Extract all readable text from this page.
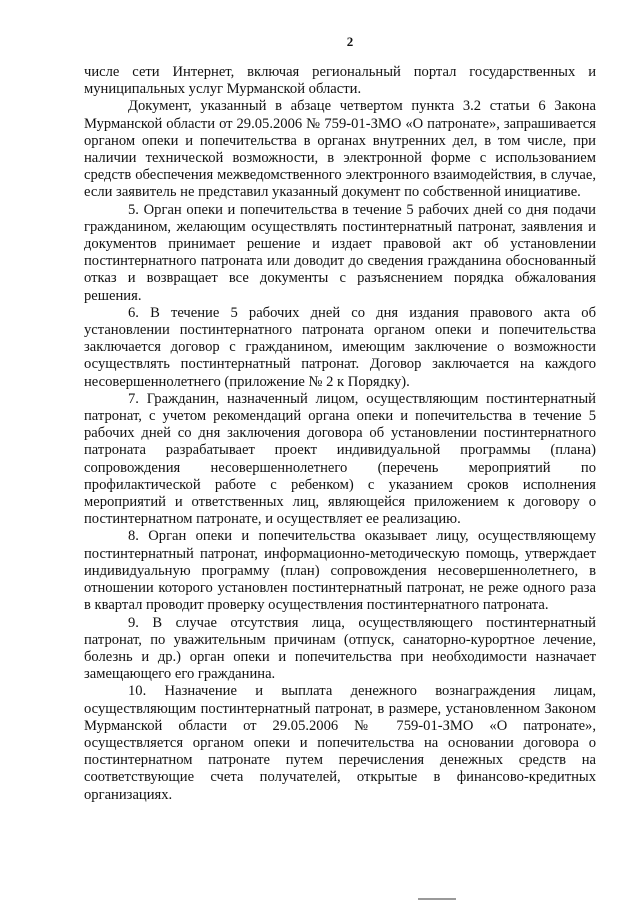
2

числе сети Интернет, включая региональный портал государственных и муниципальных услуг Мурманской области.

Документ, указанный в абзаце четвертом пункта 3.2 статьи 6 Закона Мурманской области от 29.05.2006 № 759-01-ЗМО «О патронате», запрашивается органом опеки и попечительства в органах внутренних дел, в том числе, при наличии технической возможности, в электронной форме с использованием средств обеспечения межведомственного электронного взаимодействия, в случае, если заявитель не представил указанный документ по собственной инициативе.

5. Орган опеки и попечительства в течение 5 рабочих дней со дня подачи гражданином, желающим осуществлять постинтернатный патронат, заявления и документов принимает решение и издает правовой акт об установлении постинтернатного патроната или доводит до сведения гражданина обоснованный отказ и возвращает все документы с разъяснением порядка обжалования решения.

6. В течение 5 рабочих дней со дня издания правового акта об установлении постинтернатного патроната органом опеки и попечительства заключается договор с гражданином, имеющим заключение о возможности осуществлять постинтернатный патронат. Договор заключается на каждого несовершеннолетнего (приложение № 2 к Порядку).

7. Гражданин, назначенный лицом, осуществляющим постинтернатный патронат, с учетом рекомендаций органа опеки и попечительства в течение 5 рабочих дней со дня заключения договора об установлении постинтернатного патроната разрабатывает проект индивидуальной программы (плана) сопровождения несовершеннолетнего (перечень мероприятий по профилактической работе с ребенком) с указанием сроков исполнения мероприятий и ответственных лиц, являющейся приложением к договору о постинтернатном патронате, и осуществляет ее реализацию.

8. Орган опеки и попечительства оказывает лицу, осуществляющему постинтернатный патронат, информационно-методическую помощь, утверждает индивидуальную программу (план) сопровождения несовершеннолетнего, в отношении которого установлен постинтернатный патронат, не реже одного раза в квартал проводит проверку осуществления постинтернатного патроната.

9. В случае отсутствия лица, осуществляющего постинтернатный патронат, по уважительным причинам (отпуск, санаторно-курортное лечение, болезнь и др.) орган опеки и попечительства при необходимости назначает замещающего его гражданина.

10. Назначение и выплата денежного вознаграждения лицам, осуществляющим постинтернатный патронат, в размере, установленном Законом Мурманской области от 29.05.2006 № 759-01-ЗМО «О патронате», осуществляется органом опеки и попечительства на основании договора о постинтернатном патронате путем перечисления денежных средств на соответствующие счета получателей, открытые в финансово-кредитных организациях.
